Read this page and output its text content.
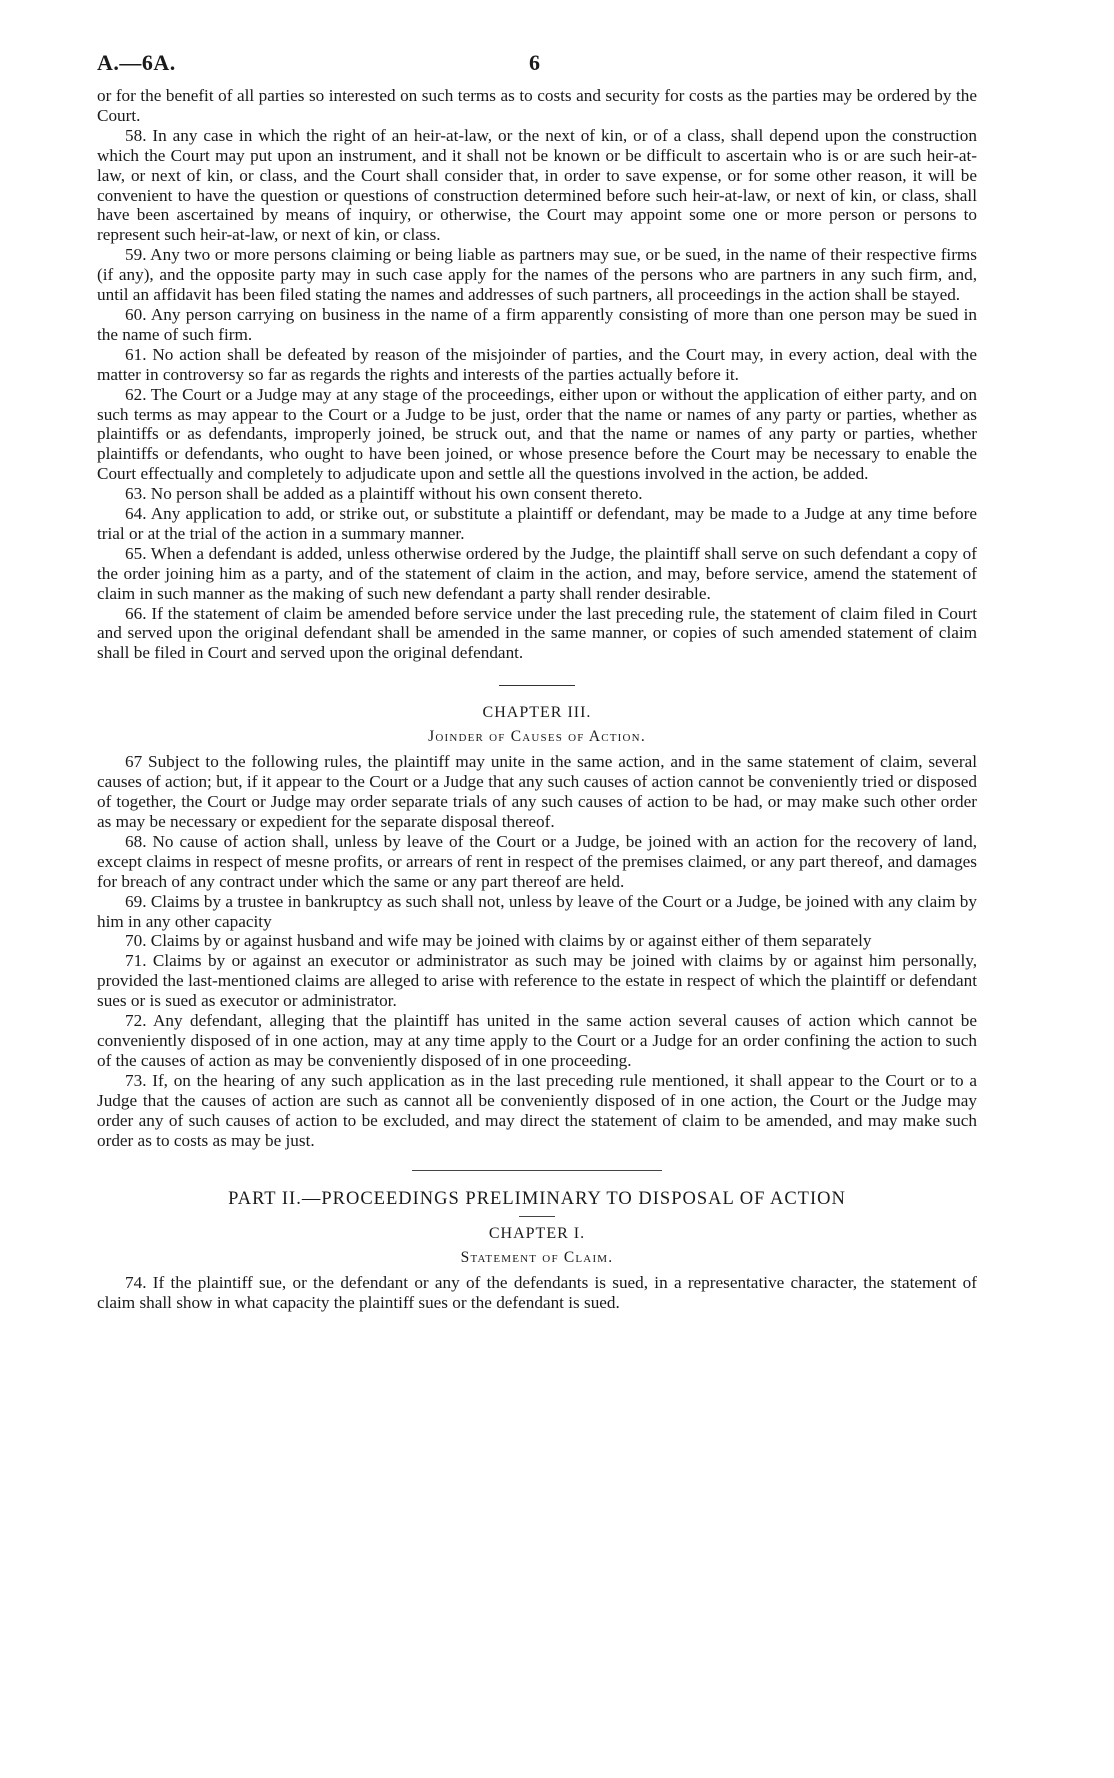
A.—6A.	6

or for the benefit of all parties so interested on such terms as to costs and security for costs as the parties may be ordered by the Court.

58. In any case in which the right of an heir-at-law, or the next of kin, or of a class, shall depend upon the construction which the Court may put upon an instrument, and it shall not be known or be difficult to ascertain who is or are such heir-at-law, or next of kin, or class, and the Court shall consider that, in order to save expense, or for some other reason, it will be convenient to have the question or questions of construction determined before such heir-at-law, or next of kin, or class, shall have been ascertained by means of inquiry, or otherwise, the Court may appoint some one or more person or persons to represent such heir-at-law, or next of kin, or class.

59. Any two or more persons claiming or being liable as partners may sue, or be sued, in the name of their respective firms (if any), and the opposite party may in such case apply for the names of the persons who are partners in any such firm, and, until an affidavit has been filed stating the names and addresses of such partners, all proceedings in the action shall be stayed.

60. Any person carrying on business in the name of a firm apparently consisting of more than one person may be sued in the name of such firm.

61. No action shall be defeated by reason of the misjoinder of parties, and the Court may, in every action, deal with the matter in controversy so far as regards the rights and interests of the parties actually before it.

62. The Court or a Judge may at any stage of the proceedings, either upon or without the application of either party, and on such terms as may appear to the Court or a Judge to be just, order that the name or names of any party or parties, whether as plaintiffs or as defendants, improperly joined, be struck out, and that the name or names of any party or parties, whether plaintiffs or defendants, who ought to have been joined, or whose presence before the Court may be necessary to enable the Court effectually and completely to adjudicate upon and settle all the questions involved in the action, be added.

63. No person shall be added as a plaintiff without his own consent thereto.

64. Any application to add, or strike out, or substitute a plaintiff or defendant, may be made to a Judge at any time before trial or at the trial of the action in a summary manner.

65. When a defendant is added, unless otherwise ordered by the Judge, the plaintiff shall serve on such defendant a copy of the order joining him as a party, and of the statement of claim in the action, and may, before service, amend the statement of claim in such manner as the making of such new defendant a party shall render desirable.

66. If the statement of claim be amended before service under the last preceding rule, the statement of claim filed in Court and served upon the original defendant shall be amended in the same manner, or copies of such amended statement of claim shall be filed in Court and served upon the original defendant.

CHAPTER III.

Joinder of Causes of Action.

67 Subject to the following rules, the plaintiff may unite in the same action, and in the same statement of claim, several causes of action; but, if it appear to the Court or a Judge that any such causes of action cannot be conveniently tried or disposed of together, the Court or Judge may order separate trials of any such causes of action to be had, or may make such other order as may be necessary or expedient for the separate disposal thereof.

68. No cause of action shall, unless by leave of the Court or a Judge, be joined with an action for the recovery of land, except claims in respect of mesne profits, or arrears of rent in respect of the premises claimed, or any part thereof, and damages for breach of any contract under which the same or any part thereof are held.

69. Claims by a trustee in bankruptcy as such shall not, unless by leave of the Court or a Judge, be joined with any claim by him in any other capacity

70. Claims by or against husband and wife may be joined with claims by or against either of them separately

71. Claims by or against an executor or administrator as such may be joined with claims by or against him personally, provided the last-mentioned claims are alleged to arise with reference to the estate in respect of which the plaintiff or defendant sues or is sued as executor or administrator.

72. Any defendant, alleging that the plaintiff has united in the same action several causes of action which cannot be conveniently disposed of in one action, may at any time apply to the Court or a Judge for an order confining the action to such of the causes of action as may be conveniently disposed of in one proceeding.

73. If, on the hearing of any such application as in the last preceding rule mentioned, it shall appear to the Court or to a Judge that the causes of action are such as cannot all be conveniently disposed of in one action, the Court or the Judge may order any of such causes of action to be excluded, and may direct the statement of claim to be amended, and may make such order as to costs as may be just.

PART II.—PROCEEDINGS PRELIMINARY TO DISPOSAL OF ACTION

CHAPTER I.

Statement of Claim.

74. If the plaintiff sue, or the defendant or any of the defendants is sued, in a representative character, the statement of claim shall show in what capacity the plaintiff sues or the defendant is sued.
